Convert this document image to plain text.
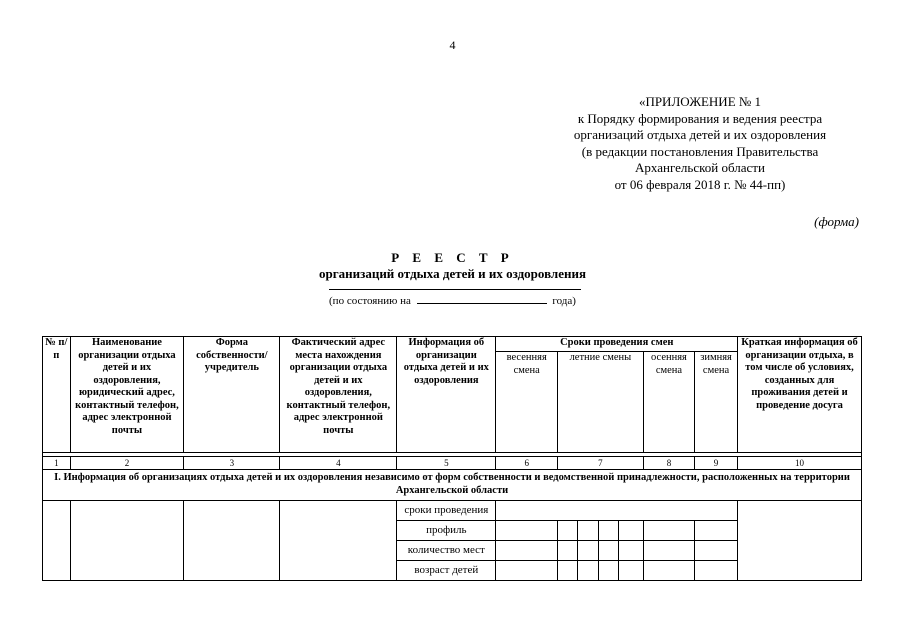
4
«ПРИЛОЖЕНИЕ № 1
к Порядку формирования и ведения реестра
организаций отдыха детей и их оздоровления
(в редакции постановления Правительства
Архангельской области
от 06 февраля 2018 г. № 44-пп)
(форма)
Р Е Е С Т Р
организаций отдыха детей и их оздоровления
(по состоянию на	года)
№ п/п	Наименование организации отдыха детей и их оздоровления, юридический адрес, контактный телефон, адрес электронной почты	Форма собственности/ учредитель	Фактический адрес места нахождения организации отдыха детей и их оздоровления, контактный телефон, адрес электронной почты	Информация об организации отдыха детей и их оздоровления	Сроки проведения смен							Краткая информация об организации отдыха, в том числе об условиях, созданных для проживания детей и проведение досуга
					весенняя смена	летние смены				осенняя смена	зимняя смена	

1	2	3	4	5	6	7				8	9	10
I. Информация об организациях отдыха детей и их оздоровления независимо от форм собственности и ведомственной принадлежности, расположенных на территории Архангельской области												
				сроки проведения								
				профиль								
				количество мест								
				возраст детей								
